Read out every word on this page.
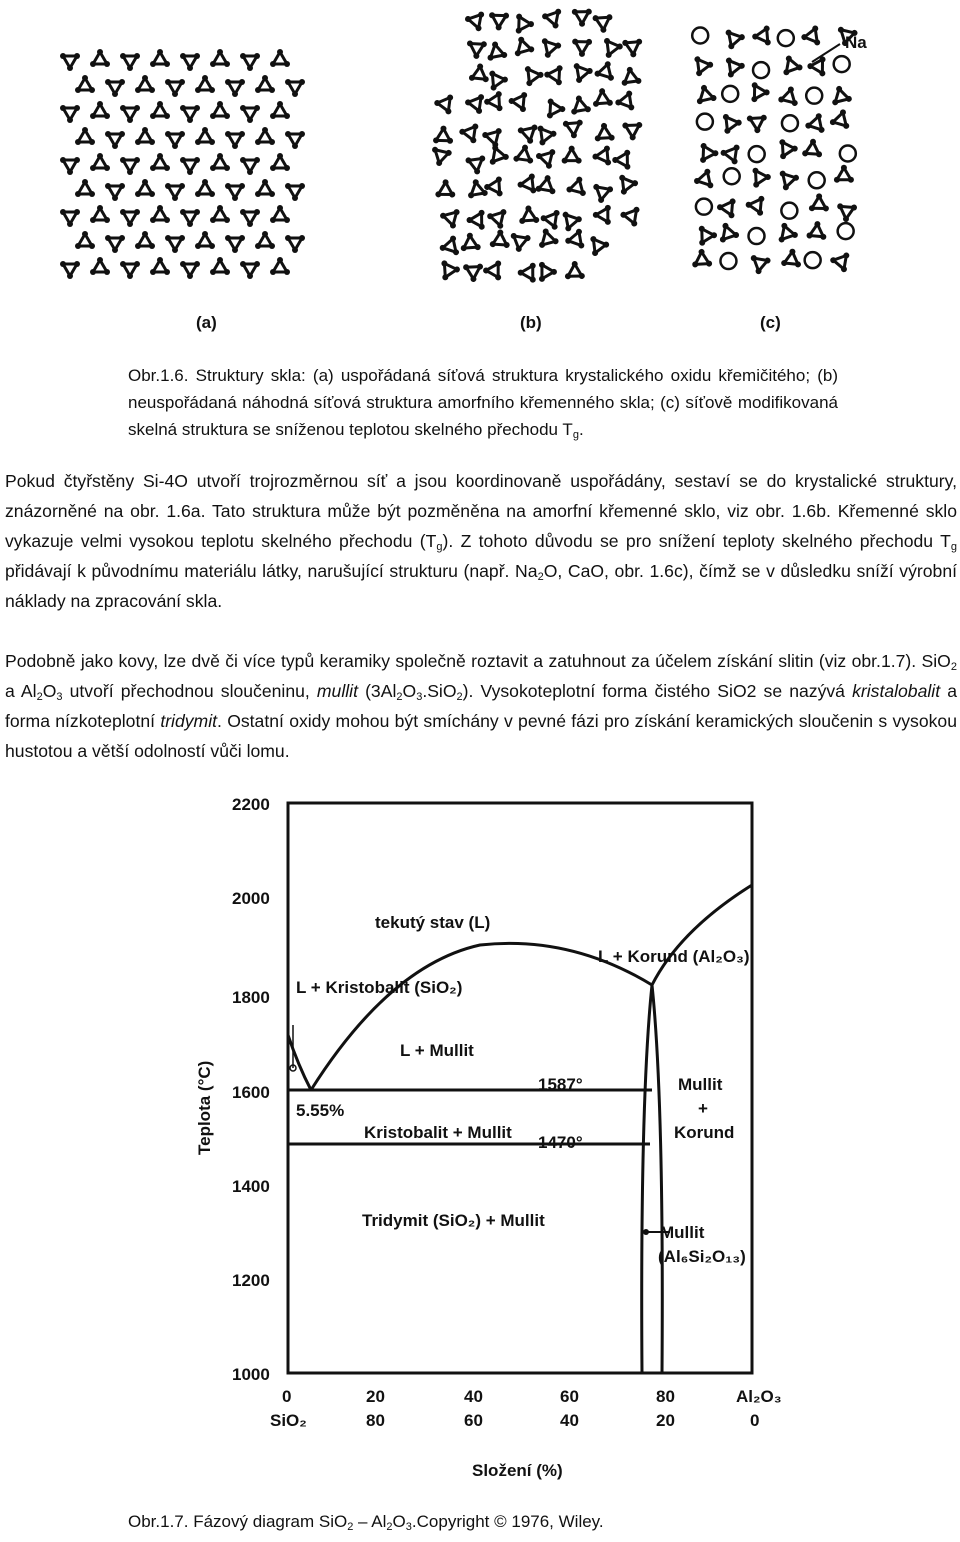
(a)	(b)	(c)
Na
Obr.1.6. Struktury skla: (a) uspořádaná síťová struktura krystalického oxidu křemičitého; (b) neuspořádaná náhodná síťová struktura amorfního křemenného skla; (c) síťově modifikovaná skelná struktura se sníženou teplotou skelného přechodu $T_g$.

Pokud čtyřstěny Si-4O utvoří trojrozměrnou síť a jsou koordinovaně uspořádány, sestaví se do krystalické struktury, znázorněné na obr. 1.6a. Tato struktura může být pozměněna na amorfní křemenné sklo, viz obr. 1.6b. Křemenné sklo vykazuje velmi vysokou teplotu skelného přechodu $(T_g)$. Z tohoto důvodu se pro snížení teploty skelného přechodu $T_g$ přidávají k původnímu materiálu látky, narušující strukturu (např. $Na_2O$, CaO, obr. 1.6c), čímž se v důsledku sníží výrobní náklady na zpracování skla.

Podobně jako kovy, lze dvě či více typů keramiky společně roztavit a zatuhnout za účelem získání slitin (viz obr.1.7). SiO$_2$ a $Al_2O_3$ utvoří přechodnou sloučeninu, mullit $(3Al_2O_3.SiO_2)$. Vysokoteplotní forma čistého SiO2 se nazývá kristalobalit a forma nízkoteplotní tridymit. Ostatní oxidy mohou být smíchány v pevné fázi pro získání keramických sloučenin s vysokou hustotou a větší odolností vůči lomu.

2200
2000
1800
1600
1400
1200
1000
Teplota (°C)
0	20	40	60	80	Al₂O₃
SiO₂	80	60	40	20	0
Složení (%)
tekutý stav (L)
L + Korund (Al₂O₃)
L + Kristobalit (SiO₂)
L + Mullit
5.55%
1587°
Kristobalit + Mullit
1470°
Mullit
+
Korund
Tridymit (SiO₂) + Mullit
Mullit
(Al₆Si₂O₁₃)
Obr.1.7. Fázový diagram $SiO_2 - Al_2O_3.Copyright$ © 1976, Wiley.
